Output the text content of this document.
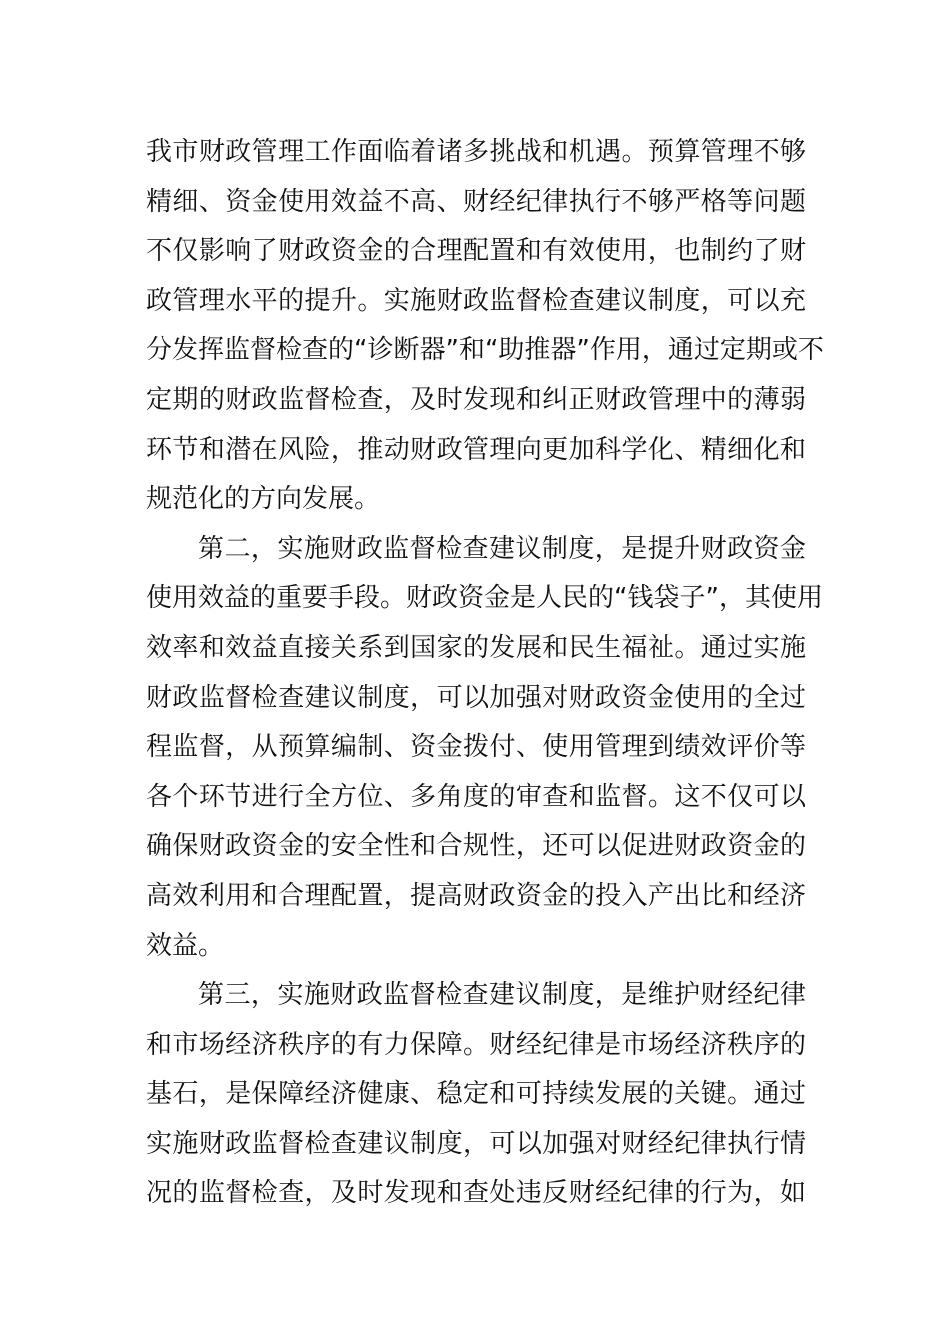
我市财政管理工作面临着诸多挑战和机遇。预算管理不够
精细、资金使用效益不高、财经纪律执行不够严格等问题
不仅影响了财政资金的合理配置和有效使用，也制约了财
政管理水平的提升。实施财政监督检查建议制度，可以充
分发挥监督检查的“诊断器”和“助推器”作用，通过定期或不
定期的财政监督检查，及时发现和纠正财政管理中的薄弱
环节和潜在风险，推动财政管理向更加科学化、精细化和
规范化的方向发展。
第二，实施财政监督检查建议制度，是提升财政资金
使用效益的重要手段。财政资金是人民的“钱袋子”，其使用
效率和效益直接关系到国家的发展和民生福祉。通过实施
财政监督检查建议制度，可以加强对财政资金使用的全过
程监督，从预算编制、资金拨付、使用管理到绩效评价等
各个环节进行全方位、多角度的审查和监督。这不仅可以
确保财政资金的安全性和合规性，还可以促进财政资金的
高效利用和合理配置，提高财政资金的投入产出比和经济
效益。
第三，实施财政监督检查建议制度，是维护财经纪律
和市场经济秩序的有力保障。财经纪律是市场经济秩序的
基石，是保障经济健康、稳定和可持续发展的关键。通过
实施财政监督检查建议制度，可以加强对财经纪律执行情
况的监督检查，及时发现和查处违反财经纪律的行为，如
